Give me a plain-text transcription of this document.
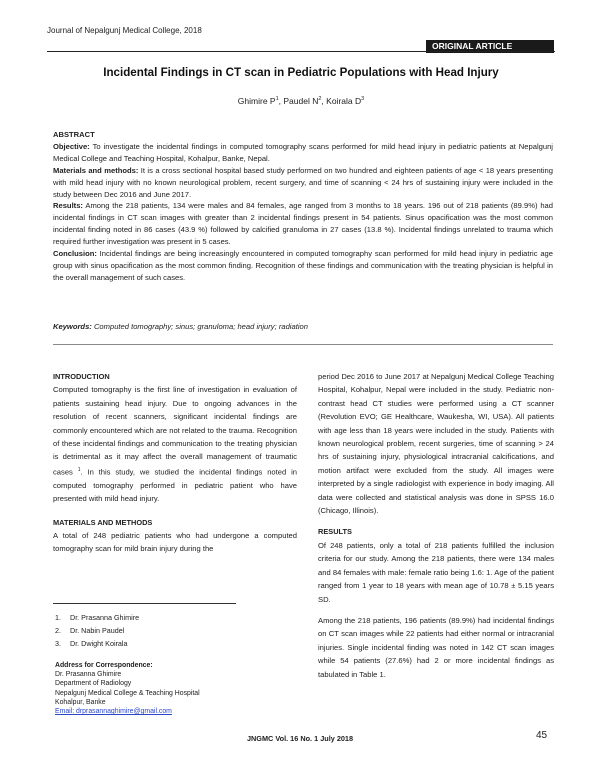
Journal of Nepalgunj Medical College, 2018
ORIGINAL ARTICLE
Incidental Findings in CT scan in Pediatric Populations with Head Injury
Ghimire $P^1$, Paudel $N^2$, Koirala $D^3$

ABSTRACT

Objective: To investigate the incidental findings in computed tomography scans performed for mild head injury in pediatric patients at Nepalgunj Medical College and Teaching Hospital, Kohalpur, Banke, Nepal.

Materials and methods: It is a cross sectional hospital based study performed on two hundred and eighteen patients of age < 18 years presenting with mild head injury with no known neurological problem, recent surgery, and time of scanning < 24 hrs of sustaining injury were included in the study between Dec 2016 and June 2017.

Results: Among the 218 patients, 134 were males and 84 females, age ranged from 3 months to 18 years. 196 out of 218 patients (89.9%) had incidental findings in CT scan images with greater than 2 incidental findings present in 54 patients. Sinus opacification was the most common incidental finding noted in 86 cases (43.9 %) followed by calcified granuloma in 27 cases (13.8 %). Incidental findings unrelated to trauma which required further investigation was present in 5 cases.

Conclusion: Incidental findings are being increasingly encountered in computed tomography scan performed for mild head injury in pediatric age group with sinus opacification as the most common finding. Recognition of these findings and communication with the treating physician is helpful in the overall management of such cases.

Keywords: Computed tomography; sinus; granuloma; head injury; radiation

INTRODUCTION

Computed tomography is the first line of investigation in evaluation of patients sustaining head injury. Due to ongoing advances in the resolution of recent scanners, significant incidental findings are commonly encountered which are not related to the trauma. Recognition of these incidental findings and communication to the treating physician is detrimental as it may affect the overall management of traumatic cases $^1$. In this study, we studied the incidental findings noted in computed tomography performed in pediatric patient who have presented with mild head injury.

MATERIALS AND METHODS

A total of 248 pediatric patients who had undergone a computed tomography scan for mild brain injury during the

1. Dr. Prasanna Ghimire
2. Dr. Nabin Paudel
3. Dr. Dwight Koirala
Address for Correspondence:
Dr. Prasanna Ghimire
Department of Radiology
Nepalgunj Medical College & Teaching Hospital
Kohalpur, Banke
Email: drprasannaghimire@gmail.com

period Dec 2016 to June 2017 at Nepalgunj Medical College Teaching Hospital, Kohalpur, Nepal were included in the study. Pediatric non-contrast head CT studies were performed using a CT scanner (Revolution EVO; GE Healthcare, Waukesha, WI, USA). All patients with age less than 18 years were included in the study. Patients with known neurological problem, recent surgeries, time of scanning > 24 hrs of sustaining injury, physiological intracranial calcifications, and motion artifact were excluded from the study. All images were interpreted by a single radiologist with experience in body imaging. All data were collected and statistical analysis was done in SPSS 16.0 (Chicago, Illinois).

RESULTS

Of 248 patients, only a total of 218 patients fulfilled the inclusion criteria for our study. Among the 218 patients, there were 134 males and 84 females with male: female ratio being 1.6: 1. Age of the patient ranged from 1 year to 18 years with mean age of 10.78 ± 5.15 years SD.

Among the 218 patients, 196 patients (89.9%) had incidental findings on CT scan images while 22 patients had either normal or intracranial injuries. Single incidental finding was noted in 142 CT scan images while 54 patients (27.6%) had 2 or more incidental findings as tabulated in Table 1.

JNGMC Vol. 16 No. 1 July 2018	45
